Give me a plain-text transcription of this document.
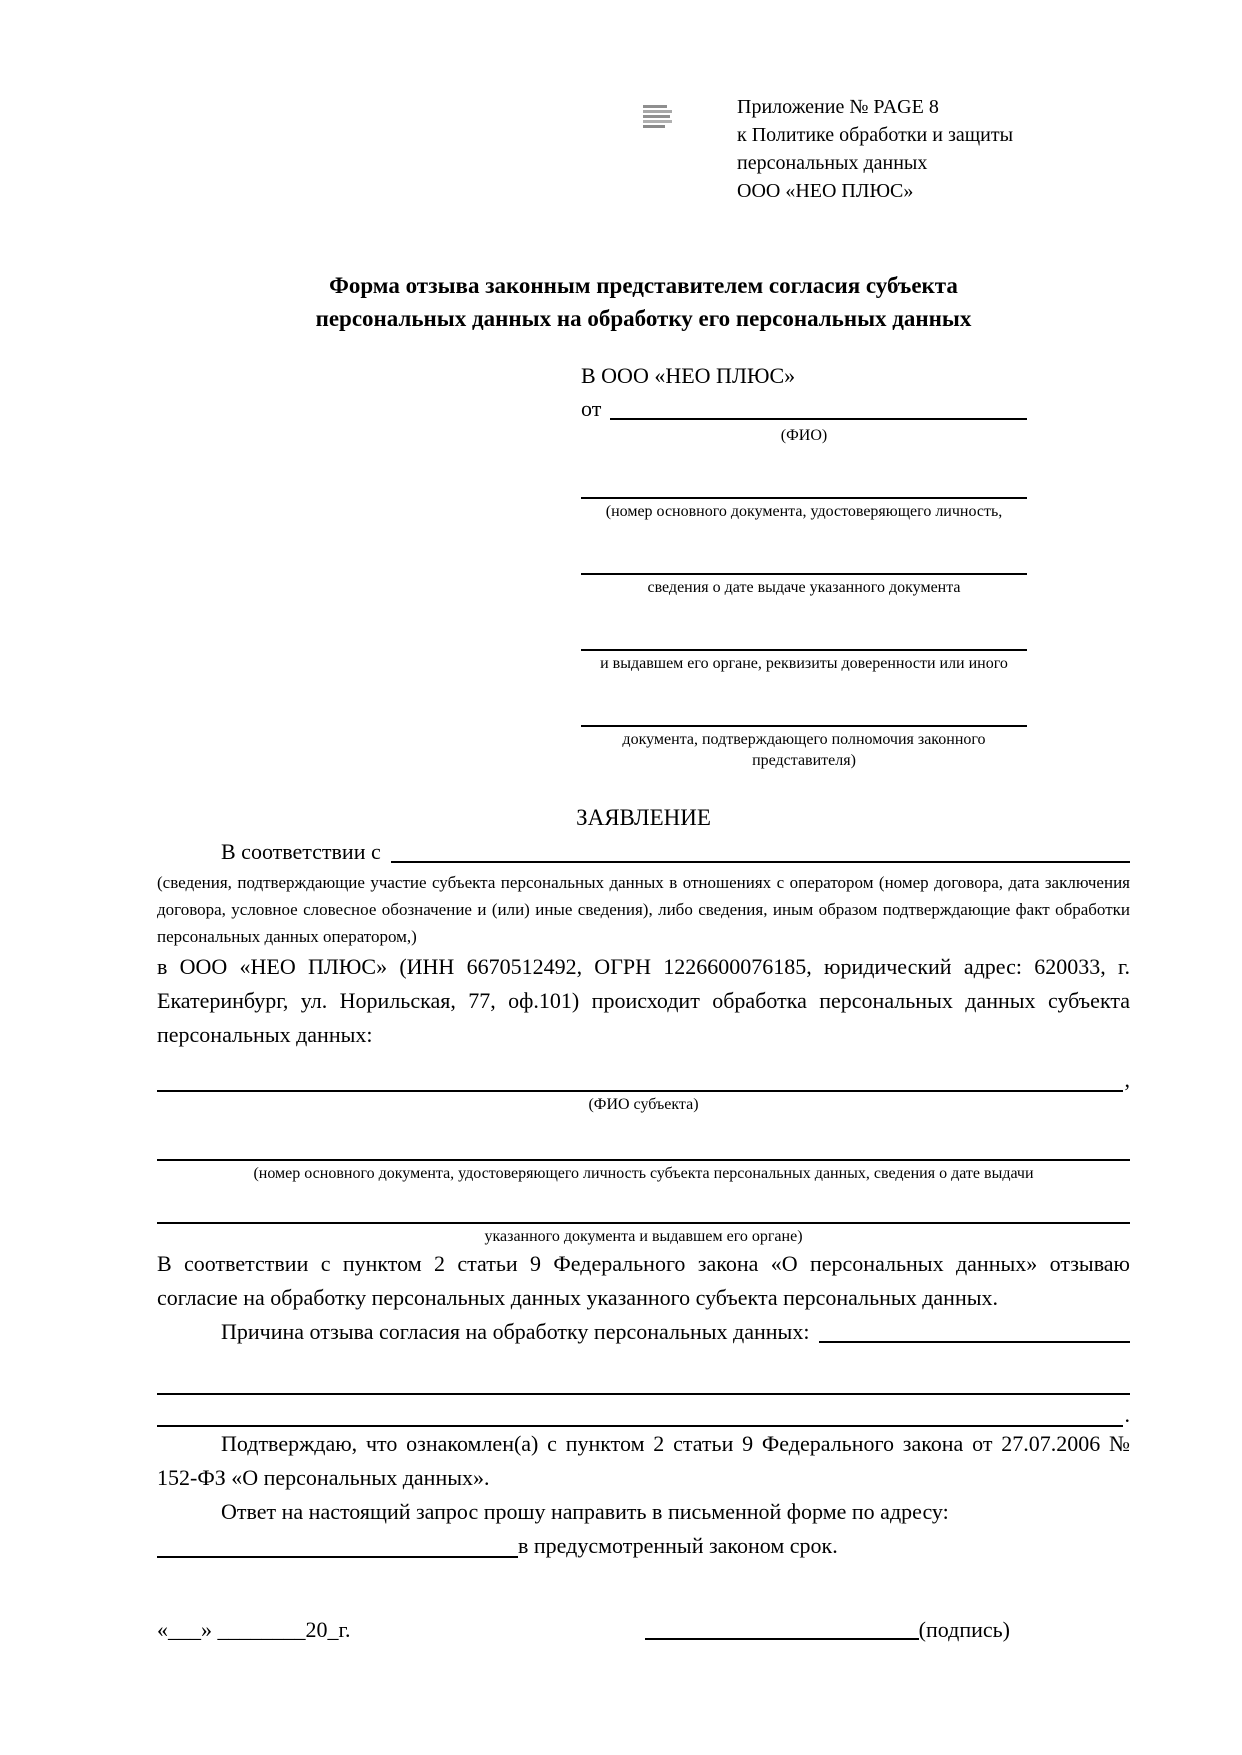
Приложение № PAGE 8
к Политике обработки и защиты
персональных данных
ООО «НЕО ПЛЮС»
Форма отзыва законным представителем согласия субъекта
персональных данных на обработку его персональных данных
В ООО «НЕО ПЛЮС»
от
(ФИО)
(номер основного документа, удостоверяющего личность,
сведения о дате выдаче указанного документа
и выдавшем его органе, реквизиты доверенности или иного
документа, подтверждающего полномочия законного представителя)
ЗАЯВЛЕНИЕ
В соответствии с
(сведения, подтверждающие участие субъекта персональных данных в отношениях с оператором (номер договора, дата заключения договора, условное словесное обозначение и (или) иные сведения), либо сведения, иным образом подтверждающие факт обработки персональных данных оператором,)
в ООО «НЕО ПЛЮС» (ИНН 6670512492, ОГРН 1226600076185, юридический адрес: 620033, г. Екатеринбург, ул. Норильская, 77, оф.101) происходит обработка персональных данных субъекта персональных данных:
,
(ФИО субъекта)
(номер основного документа, удостоверяющего личность субъекта персональных данных, сведения о дате выдачи
указанного документа и выдавшем его органе)
В соответствии с пунктом 2 статьи 9 Федерального закона «О персональных данных» отзываю согласие на обработку персональных данных указанного субъекта персональных данных.
Причина отзыва согласия на обработку персональных данных:
.
Подтверждаю, что ознакомлен(а) с пунктом 2 статьи 9 Федерального закона от 27.07.2006 № 152-ФЗ «О персональных данных».
Ответ на настоящий запрос прошу направить в письменной форме по адресу:
в предусмотренный законом срок.
«___» ________20_г.	(подпись)
